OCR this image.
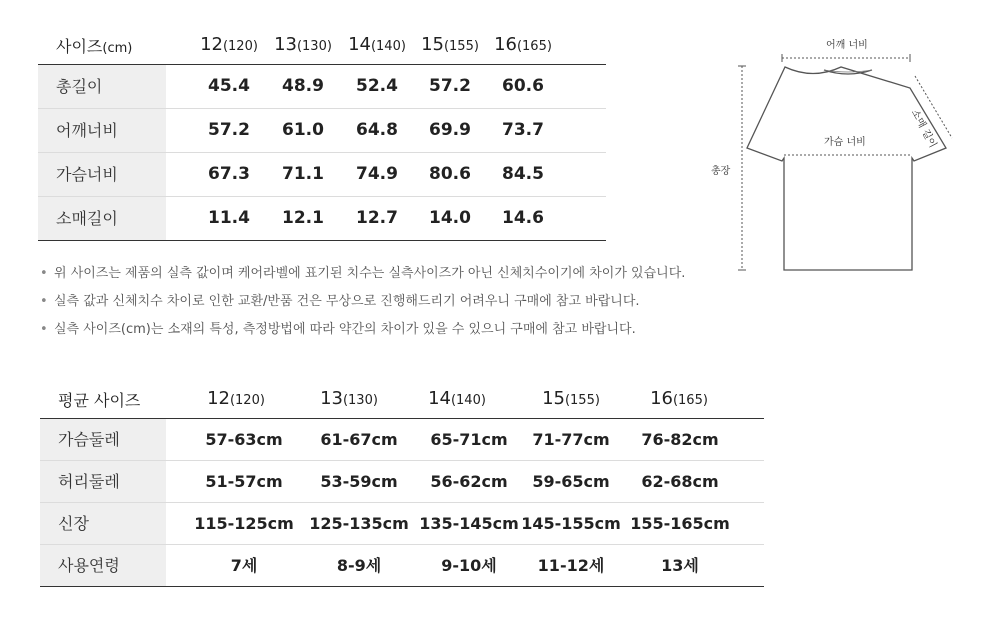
사이즈(cm)	12(120) 13(130) 14(140) 15(155) 16(165)
총길이	45.4	48.9	52.4	57.2	60.6
어깨너비	57.2	61.0	64.8	69.9	73.7
가슴너비	67.3	71.1	74.9	80.6	84.5
소매길이	11.4	12.1	12.7	14.0	14.6
• 위 사이즈는 제품의 실측 값이며 케어라벨에 표기된 치수는 실측사이즈가 아닌 신체치수이기에 차이가 있습니다.
• 실측 값과 신체치수 차이로 인한 교환/반품 건은 무상으로 진행해드리기 어려우니 구매에 참고 바랍니다.
• 실측 사이즈(cm)는 소재의 특성, 측정방법에 따라 약간의 차이가 있을 수 있으니 구매에 참고 바랍니다.
평균 사이즈	12(120)	13(130)	14(140)	15(155)	16(165)
가슴둘레	57-63cm	61-67cm	65-71cm	71-77cm	76-82cm
허리둘레	51-57cm	53-59cm	56-62cm	59-65cm	62-68cm
신장	115-125cm 125-135cm 135-145cm 145-155cm 155-165cm
사용연령	7세	8-9세	9-10세	11-12세	13세
어깨 너비
가슴 너비	소매 길이
총장
